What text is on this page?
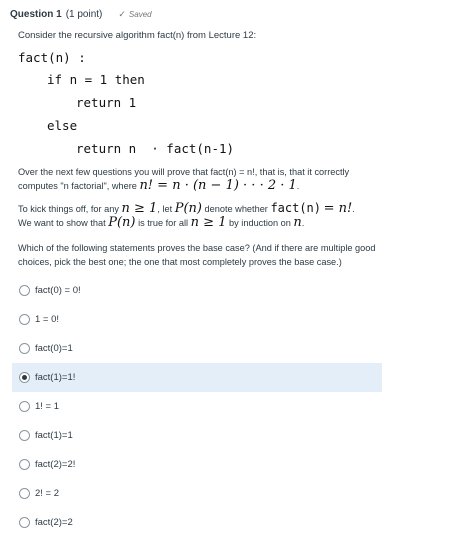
Question 1 (1 point) ✓ Saved
Consider the recursive algorithm fact(n) from Lecture 12:
fact(n) :
if n = 1 then
return 1
else
return n  · fact(n-1)
Over the next few questions you will prove that fact(n) = n!, that is, that it correctly
computes "n factorial", where n! = n · (n − 1) · · · 2 · 1.
To kick things off, for any n ≥ 1, let P(n) denote whether fact(n) = n!.
We want to show that P(n) is true for all n ≥ 1 by induction on n.
Which of the following statements proves the base case? (And if there are multiple good choices, pick the best one; the one that most completely proves the base case.)
fact(0) = 0!
1 = 0!
fact(0)=1
fact(1)=1!
1! = 1
fact(1)=1
fact(2)=2!
2! = 2
fact(2)=2
